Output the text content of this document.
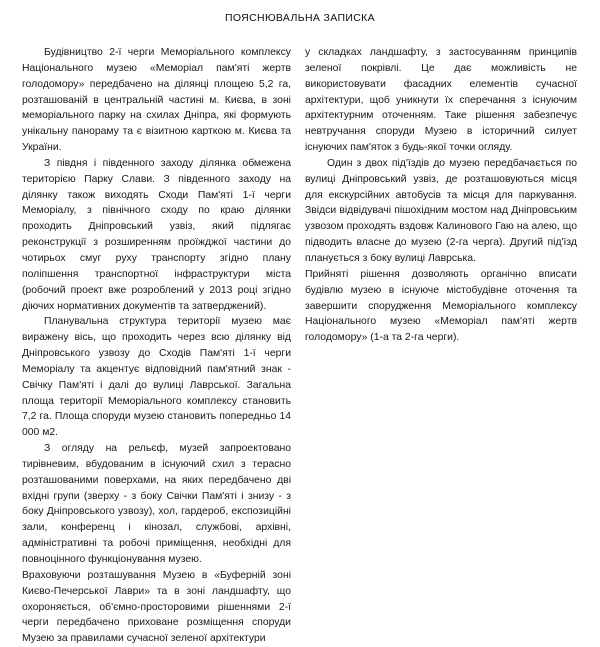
ПОЯСНЮВАЛЬНА ЗАПИСКА

Будівництво 2-ї черги Меморіального комплексу Національного музею «Меморіал пам'яті жертв голодомору» передбачено на ділянці площею 5,2 га, розташованій в центральній частині м. Києва, в зоні меморіального парку на схилах Дніпра, які формують унікальну панораму та є візитною карткою м. Києва та України.

З півдня і південного заходу ділянка обмежена територією Парку Слави. З південного заходу на ділянку також виходять Сходи Пам'яті 1-ї черги Меморіалу, з північного сходу по краю ділянки проходить Дніпровський узвіз, який підлягає реконструкції з розширенням проїжджої частини до чотирьох смуг руху транспорту згідно плану поліпшення транспортної інфраструктури міста (робочий проект вже розроблений у 2013 році згідно діючих нормативних документів та затверджений).

Планувальна структура території музею має виражену вісь, що проходить через всю ділянку від Дніпровського узвозу до Сходів Пам'яті 1-ї черги Меморіалу та акцентує відповідний пам'ятний знак - Свічку Пам'яті і далі до вулиці Лаврської. Загальна площа території Меморіального комплексу становить 7,2 га. Площа споруди музею становить попередньо 14 000 м2.

З огляду на рельєф, музей запроектовано тирівневим, вбудованим в існуючий схил з терасно розташованими поверхами, на яких передбачено дві вхідні групи (зверху - з боку Свічки Пам'яті і знизу - з боку Дніпровського узвозу), хол, гардероб, експозиційні зали, конференц і кінозал, службові, архівні, адміністративні та робочі приміщення, необхідні для повноцінного функціонування музею.

Враховуючи розташування Музею в «Буферній зоні Києво-Печерської Лаври» та в зоні ландшафту, що охороняється, об'ємно-просторовими рішеннями 2-ї черги передбачено приховане розміщення споруди Музею за правилами сучасної зеленої архітектури

у складках ландшафту, з застосуванням принципів зеленої покрівлі. Це дає можливість не використовувати фасадних елементів сучасної архітектури, щоб уникнути їх сперечання з існуючим архітектурним оточенням. Таке рішення забезпечує невтручання споруди Музею в історичний силует існуючих пам'яток з будь-якої точки огляду.

Один з двох під'їздів до музею передбачається по вулиці Дніпровський узвіз, де розташовуються місця для екскурсійних автобусів та місця для паркування. Звідси відвідувачі пішохідним мостом над Дніпровським узвозом проходять вздовж Калинового Гаю на алею, що підводить власне до музею (2-га черга). Другий під'їзд планується з боку вулиці Лаврська.

Прийняті рішення дозволяють органічно вписати будівлю музею в існуюче містобудівне оточення та завершити спорудження Меморіального комплексу Національного музею «Меморіал пам'яті жертв голодомору» (1-а та 2-га черги).
